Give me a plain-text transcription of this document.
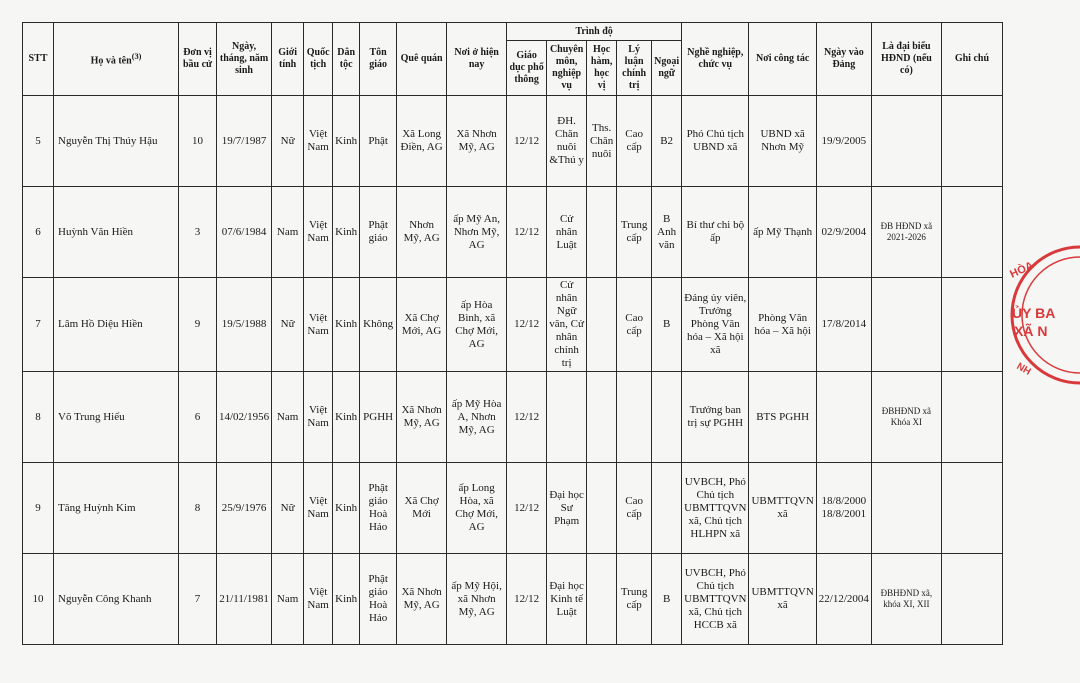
STT	Họ và tên$^{(3)}$	Đơn vị bầu cử	Ngày, tháng, năm sinh	Giới tính	Quốc tịch	Dân tộc	Tôn giáo	Quê quán	Nơi ở hiện nay	Trình độ					Nghề nghiệp, chức vụ	Nơi công tác	Ngày vào Đảng	Là đại biểu HĐND (nếu có)	Ghi chú
										Giáo dục phổ thông	Chuyên môn, nghiệp vụ	Học hàm, học vị	Lý luận chính trị	Ngoại ngữ					
5	Nguyễn Thị Thúy Hậu	10	19/7/1987	Nữ	Việt Nam	Kinh	Phật	Xã Long Điền, AG	Xã Nhơn Mỹ, AG	12/12	ĐH. Chăn nuôi &Thú y	Ths. Chăn nuôi	Cao cấp	B2	Phó Chủ tịch UBND xã	UBND xã Nhơn Mỹ	19/9/2005		
6	Huỳnh Văn Hiền	3	07/6/1984	Nam	Việt Nam	Kinh	Phật giáo	Nhơn Mỹ, AG	ấp Mỹ An, Nhơn Mỹ, AG	12/12	Cử nhân Luật		Trung cấp	B Anh văn	Bí thư chi bộ ấp	ấp Mỹ Thạnh	02/9/2004	ĐB HĐND xã 2021-2026	
7	Lâm Hồ Diệu Hiền	9	19/5/1988	Nữ	Việt Nam	Kinh	Không	Xã Chợ Mới, AG	ấp Hòa Bình, xã Chợ Mới, AG	12/12	Cử nhân Ngữ văn, Cử nhân chính trị		Cao cấp	B	Đảng ủy viên, Trưởng Phòng Văn hóa – Xã hội xã	Phòng Văn hóa – Xã hội	17/8/2014		
8	Võ Trung Hiếu	6	14/02/1956	Nam	Việt Nam	Kinh	PGHH	Xã Nhơn Mỹ, AG	ấp Mỹ Hòa A, Nhơn Mỹ, AG	12/12					Trưởng ban trị sự PGHH	BTS PGHH		ĐBHĐND xã Khóa XI	
9	Tăng Huỳnh Kim	8	25/9/1976	Nữ	Việt Nam	Kinh	Phật giáo Hoà Hảo	Xã Chợ Mới	ấp Long Hòa, xã Chợ Mới, AG	12/12	Đại học Sư Phạm		Cao cấp		UVBCH, Phó Chủ tịch UBMTTQVN xã, Chủ tịch HLHPN xã	UBMTTQVN xã	18/8/2000 18/8/2001		
10	Nguyễn Công Khanh	7	21/11/1981	Nam	Việt Nam	Kinh	Phật giáo Hoà Hảo	Xã Nhơn Mỹ, AG	ấp Mỹ Hội, xã Nhơn Mỹ, AG	12/12	Đại học Kinh tế Luật		Trung cấp	B	UVBCH, Phó Chủ tịch UBMTTQVN xã, Chủ tịch HCCB xã	UBMTTQVN xã	22/12/2004	ĐBHĐND xã, khóa XI, XII	
HÒA
ỦY BA
XÃ N
NH
